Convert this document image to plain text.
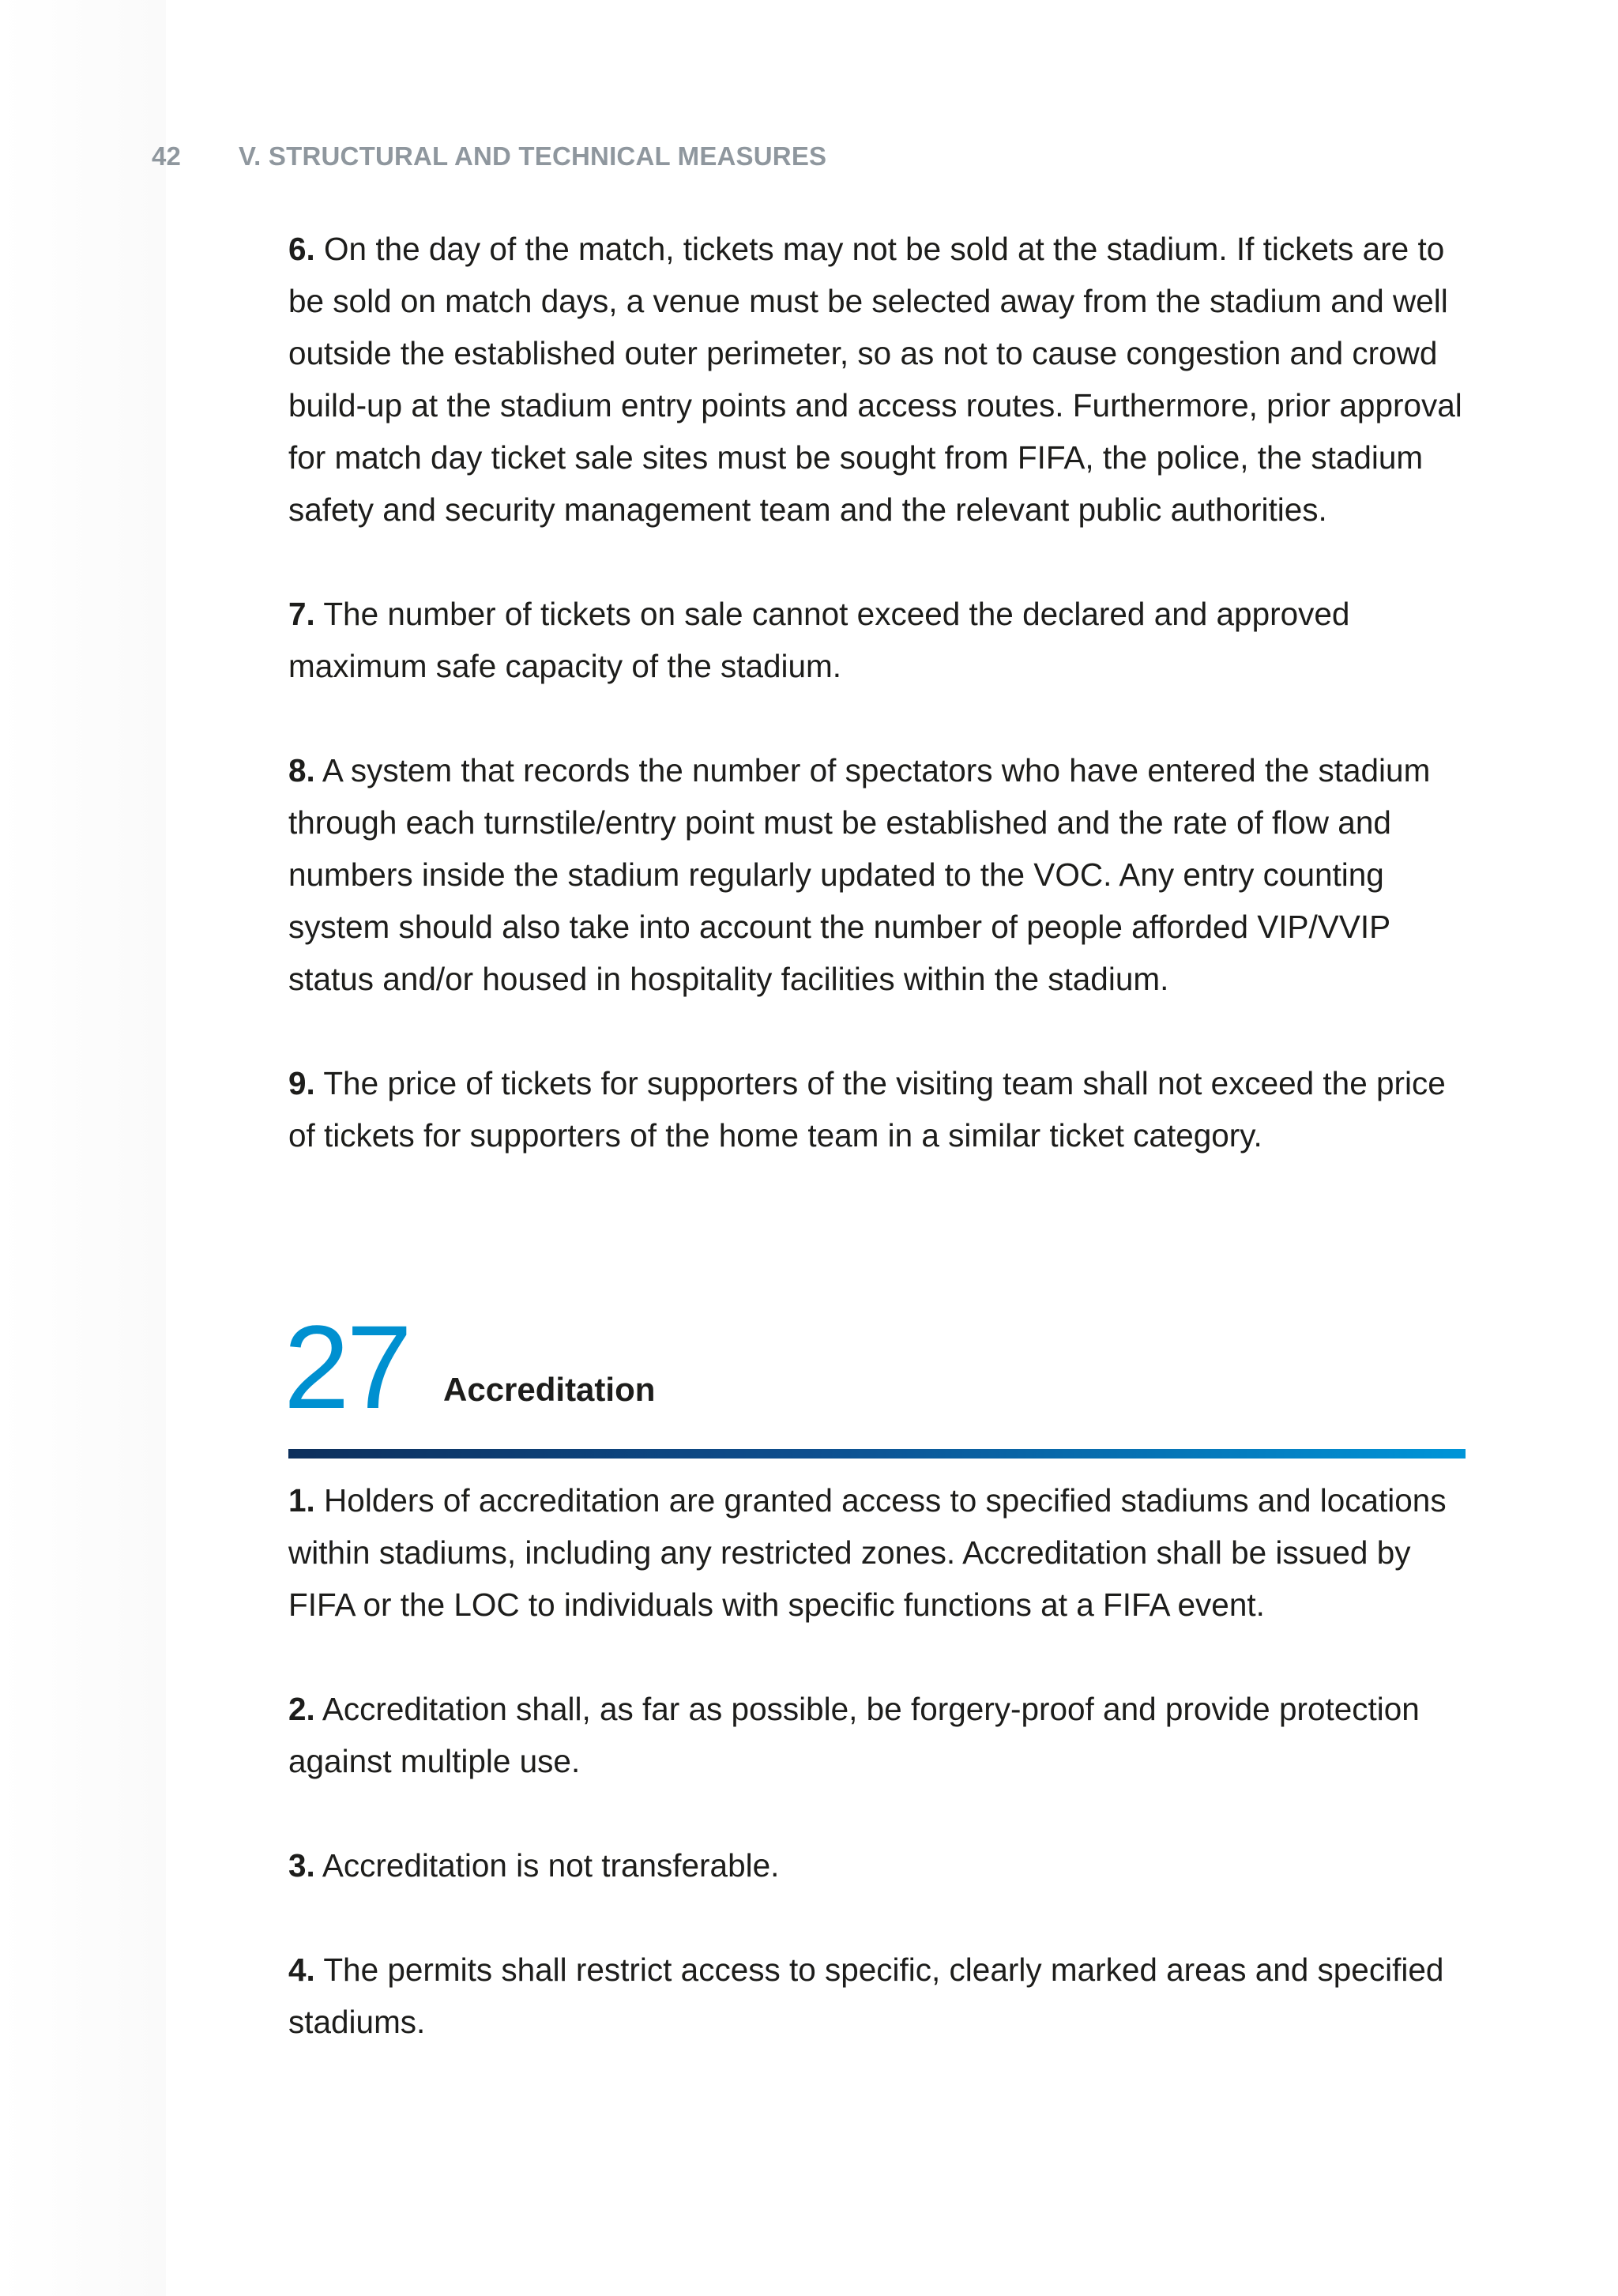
42	V. STRUCTURAL AND TECHNICAL MEASURES

6. On the day of the match, tickets may not be sold at the stadium. If tickets are to be sold on match days, a venue must be selected away from the stadium and well outside the established outer perimeter, so as not to cause congestion and crowd build-up at the stadium entry points and access routes. Furthermore, prior approval for match day ticket sale sites must be sought from FIFA, the police, the stadium safety and security management team and the relevant public authorities.

7. The number of tickets on sale cannot exceed the declared and approved maximum safe capacity of the stadium.

8. A system that records the number of spectators who have entered the stadium through each turnstile/entry point must be established and the rate of flow and numbers inside the stadium regularly updated to the VOC. Any entry counting system should also take into account the number of people afforded VIP/VVIP status and/or housed in hospitality facilities within the stadium.

9. The price of tickets for supporters of the visiting team shall not exceed the price of tickets for supporters of the home team in a similar ticket category.

27 Accreditation

1. Holders of accreditation are granted access to specified stadiums and locations within stadiums, including any restricted zones. Accreditation shall be issued by FIFA or the LOC to individuals with specific functions at a FIFA event.

2. Accreditation shall, as far as possible, be forgery-proof and provide protection against multiple use.

3. Accreditation is not transferable.

4. The permits shall restrict access to specific, clearly marked areas and specified stadiums.
